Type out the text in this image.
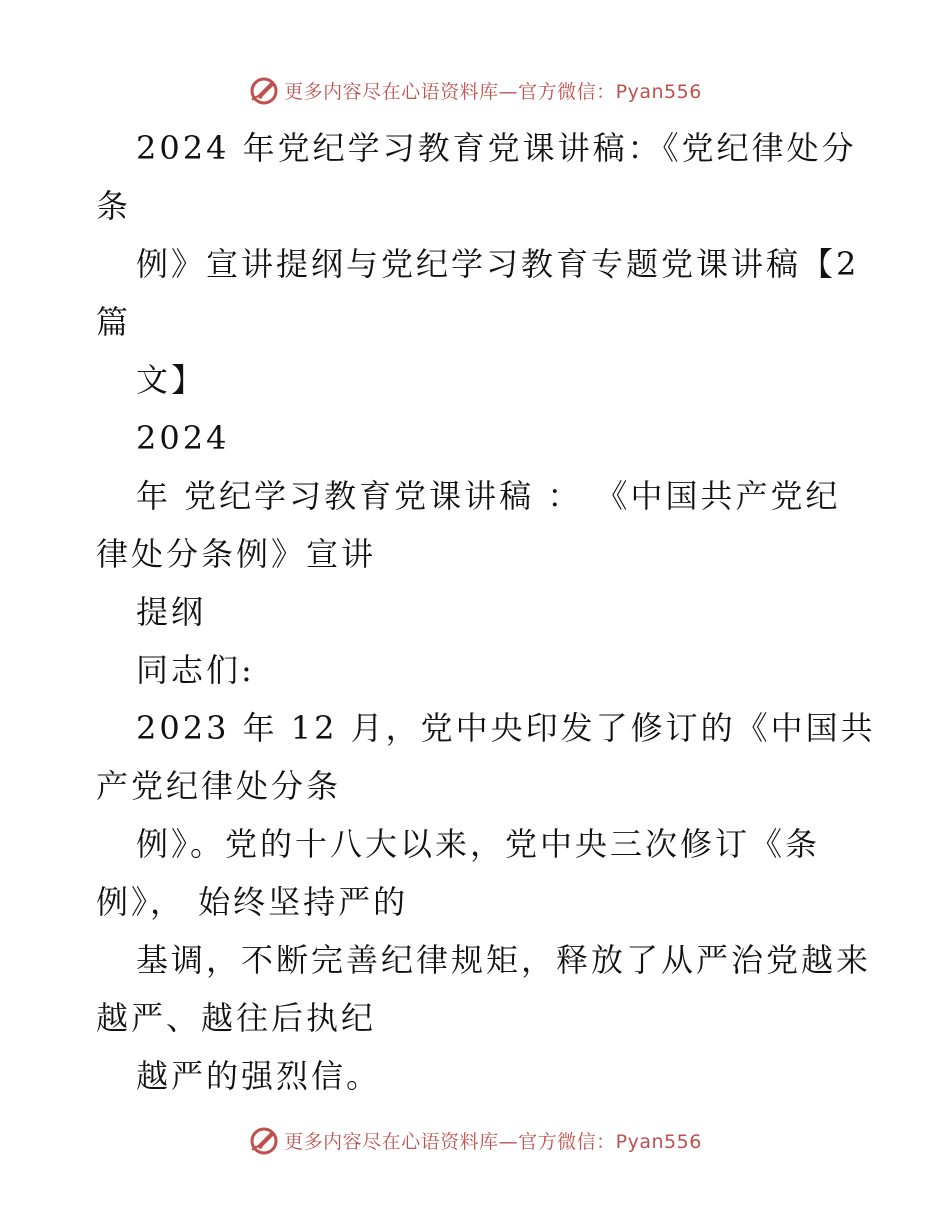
更多内容尽在心语资料库—官方微信：Pyan556
2024 年党纪学习教育党课讲稿：《党纪律处分
条
例》宣讲提纲与党纪学习教育专题党课讲稿【2
篇
文】
2024
年 党纪学习教育党课讲稿 ： 《中国共产党纪
律处分条例》宣讲
提纲
同志们:
2023 年 12 月，党中央印发了修订的《中国共
产党纪律处分条
例》。党的十八大以来，党中央三次修订《条
例》， 始终坚持严的
基调，不断完善纪律规矩，释放了从严治党越来
越严、越往后执纪
越严的强烈信。
更多内容尽在心语资料库—官方微信：Pyan556
